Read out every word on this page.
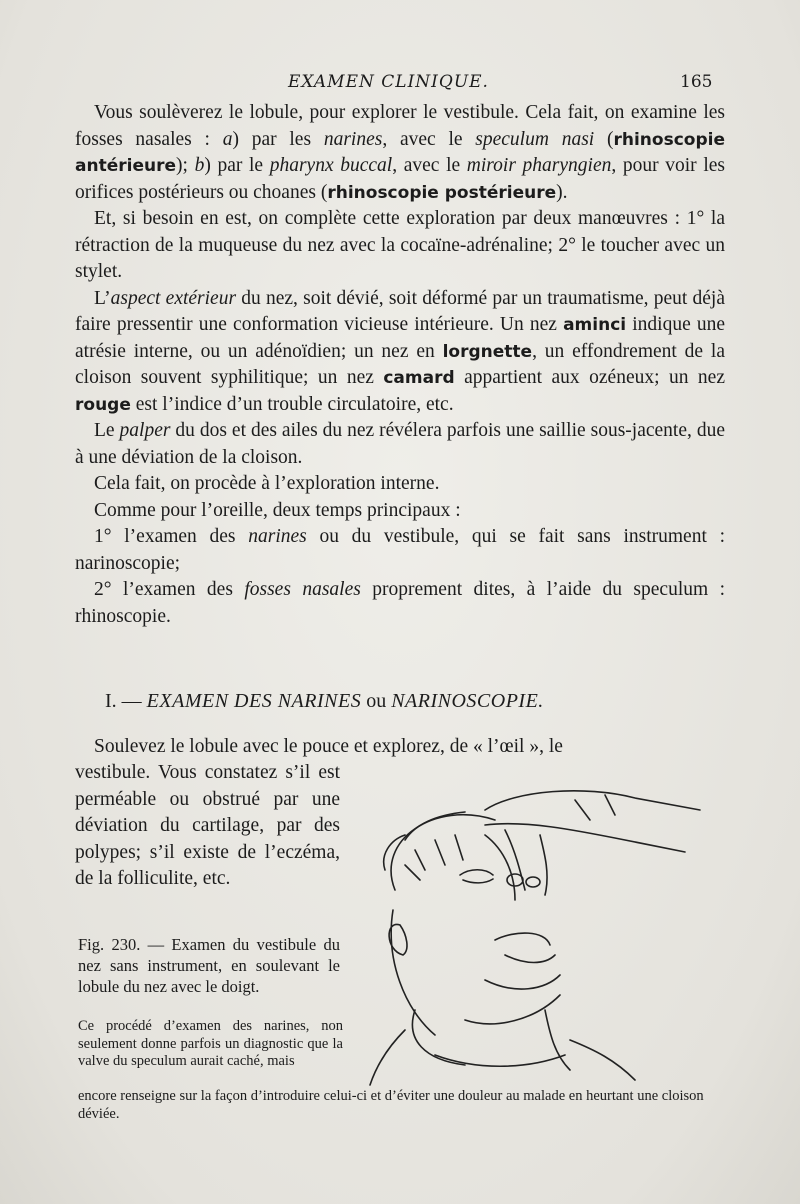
EXAMEN CLINIQUE.	165

Vous soulèverez le lobule, pour explorer le vestibule. Cela fait, on examine les fosses nasales : a) par les narines, avec le speculum nasi (rhinoscopie antérieure); b) par le pharynx buccal, avec le miroir pharyngien, pour voir les orifices postérieurs ou choanes (rhinoscopie postérieure).

Et, si besoin en est, on complète cette exploration par deux manœuvres : 1° la rétraction de la muqueuse du nez avec la cocaïne-adrénaline; 2° le toucher avec un stylet.

L’aspect extérieur du nez, soit dévié, soit déformé par un traumatisme, peut déjà faire pressentir une conformation vicieuse intérieure. Un nez aminci indique une atrésie interne, ou un adénoïdien; un nez en lorgnette, un effondrement de la cloison souvent syphilitique; un nez camard appartient aux ozéneux; un nez rouge est l’indice d’un trouble circulatoire, etc.

Le palper du dos et des ailes du nez révélera parfois une saillie sous-jacente, due à une déviation de la cloison.

Cela fait, on procède à l’exploration interne.

Comme pour l’oreille, deux temps principaux :

1° l’examen des narines ou du vestibule, qui se fait sans instrument : narinoscopie;

2° l’examen des fosses nasales proprement dites, à l’aide du speculum : rhinoscopie.

I. — EXAMEN DES NARINES ou NARINOSCOPIE.

Soulevez le lobule avec le pouce et explorez, de « l’œil », le

vestibule. Vous constatez s’il est perméable ou obstrué par une déviation du cartilage, par des polypes; s’il existe de l’eczéma, de la folliculite, etc.
Fig. 230. — Examen du vestibule du nez sans instrument, en soulevant le lobule du nez avec le doigt.
Ce procédé d’examen des narines, non seulement donne parfois un diagnostic que la valve du speculum aurait caché, mais
encore renseigne sur la façon d’introduire celui-ci et d’éviter une douleur au malade en heurtant une cloison déviée.
